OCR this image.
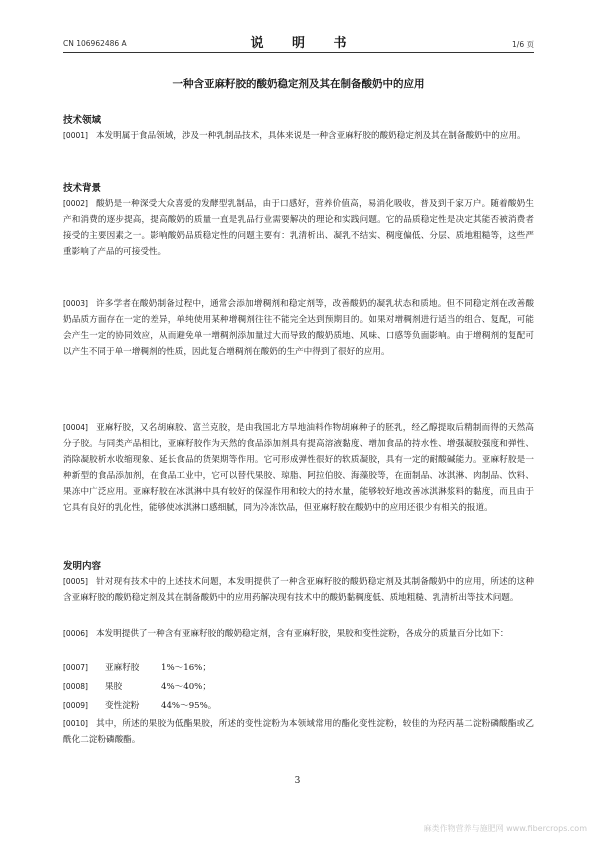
CN 106962486 A	说 明 书	1/6 页
一种含亚麻籽胶的酸奶稳定剂及其在制备酸奶中的应用
技术领域
[0001] 本发明属于食品领域，涉及一种乳制品技术，具体来说是一种含亚麻籽胶的酸奶稳定剂及其在制备酸奶中的应用。
技术背景
[0002] 酸奶是一种深受大众喜爱的发酵型乳制品，由于口感好，营养价值高，易消化吸收，普及到千家万户。随着酸奶生产和消费的逐步提高，提高酸奶的质量一直是乳品行业需要解决的理论和实践问题。它的品质稳定性是决定其能否被消费者接受的主要因素之一。影响酸奶品质稳定性的问题主要有：乳清析出、凝乳不结实、稠度偏低、分层、质地粗糙等，这些严重影响了产品的可接受性。
[0003] 许多学者在酸奶制备过程中，通常会添加增稠剂和稳定剂等，改善酸奶的凝乳状态和质地。但不同稳定剂在改善酸奶品质方面存在一定的差异，单纯使用某种增稠剂往往不能完全达到预期目的。如果对增稠剂进行适当的组合、复配，可能会产生一定的协同效应，从而避免单一增稠剂添加量过大而导致的酸奶质地、风味、口感等负面影响。由于增稠剂的复配可以产生不同于单一增稠剂的性质，因此复合增稠剂在酸奶的生产中得到了很好的应用。
[0004] 亚麻籽胶，又名胡麻胶、富兰克胶，是由我国北方旱地油料作物胡麻种子的胚乳，经乙醇提取后精制而得的天然高分子胶。与同类产品相比，亚麻籽胶作为天然的食品添加剂具有提高溶液黏度、增加食品的持水性、增强凝胶强度和弹性、消除凝胶析水收缩现象、延长食品的货架期等作用。它可形成弹性很好的软质凝胶，具有一定的耐酸碱能力。亚麻籽胶是一种新型的食品添加剂，在食品工业中，它可以替代果胶、琼脂、阿拉伯胶、海藻胶等，在面制品、冰淇淋、肉制品、饮料、果冻中广泛应用。亚麻籽胶在冰淇淋中具有较好的保湿作用和较大的持水量，能够较好地改善冰淇淋浆料的黏度，而且由于它具有良好的乳化性，能够使冰淇淋口感细腻，同为冷冻饮品，但亚麻籽胶在酸奶中的应用还很少有相关的报道。
发明内容
[0005] 针对现有技术中的上述技术问题，本发明提供了一种含亚麻籽胶的酸奶稳定剂及其制备酸奶中的应用，所述的这种含亚麻籽胶的酸奶稳定剂及其在制备酸奶中的应用药解决现有技术中的酸奶黏稠度低、质地粗糙、乳清析出等技术问题。
[0006] 本发明提供了一种含有亚麻籽胶的酸奶稳定剂，含有亚麻籽胶，果胶和变性淀粉，各成分的质量百分比如下：
[0007] 亚麻籽胶	1%～16%；
[0008] 果胶	4%～40%；
[0009] 变性淀粉	44%～95%。
[0010] 其中，所述的果胶为低酯果胶，所述的变性淀粉为本领域常用的酯化变性淀粉，较佳的为羟丙基二淀粉磷酸酯或乙酰化二淀粉磷酸酯。
3
麻类作物营养与施肥网 www.fibercrops.com
